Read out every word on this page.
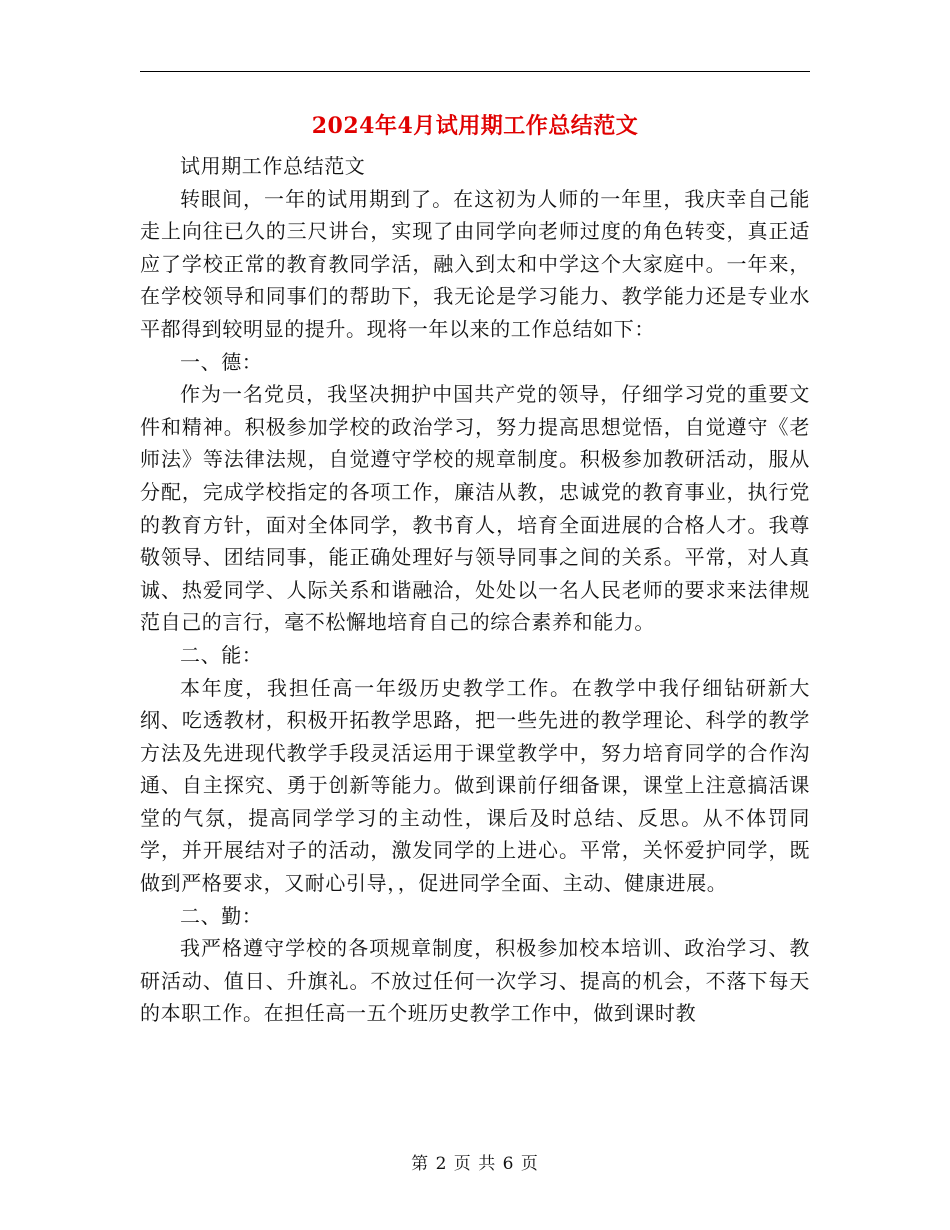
2024年4月试用期工作总结范文

试用期工作总结范文

转眼间，一年的试用期到了。在这初为人师的一年里，我庆幸自己能走上向往已久的三尺讲台，实现了由同学向老师过度的角色转变，真正适应了学校正常的教育教同学活，融入到太和中学这个大家庭中。一年来，在学校领导和同事们的帮助下，我无论是学习能力、教学能力还是专业水平都得到较明显的提升。现将一年以来的工作总结如下：

一、德：

作为一名党员，我坚决拥护中国共产党的领导，仔细学习党的重要文件和精神。积极参加学校的政治学习，努力提高思想觉悟，自觉遵守《老师法》等法律法规，自觉遵守学校的规章制度。积极参加教研活动，服从分配，完成学校指定的各项工作，廉洁从教，忠诚党的教育事业，执行党的教育方针，面对全体同学，教书育人，培育全面进展的合格人才。我尊敬领导、团结同事，能正确处理好与领导同事之间的关系。平常，对人真诚、热爱同学、人际关系和谐融洽，处处以一名人民老师的要求来法律规范自己的言行，毫不松懈地培育自己的综合素养和能力。

二、能：

本年度，我担任高一年级历史教学工作。在教学中我仔细钻研新大纲、吃透教材，积极开拓教学思路，把一些先进的教学理论、科学的教学方法及先进现代教学手段灵活运用于课堂教学中，努力培育同学的合作沟通、自主探究、勇于创新等能力。做到课前仔细备课，课堂上注意搞活课堂的气氛，提高同学学习的主动性，课后及时总结、反思。从不体罚同学，并开展结对子的活动，激发同学的上进心。平常，关怀爱护同学，既做到严格要求，又耐心引导，，促进同学全面、主动、健康进展。

二、勤：

我严格遵守学校的各项规章制度，积极参加校本培训、政治学习、教研活动、值日、升旗礼。不放过任何一次学习、提高的机会，不落下每天的本职工作。在担任高一五个班历史教学工作中，做到课时教

第 2 页 共 6 页
